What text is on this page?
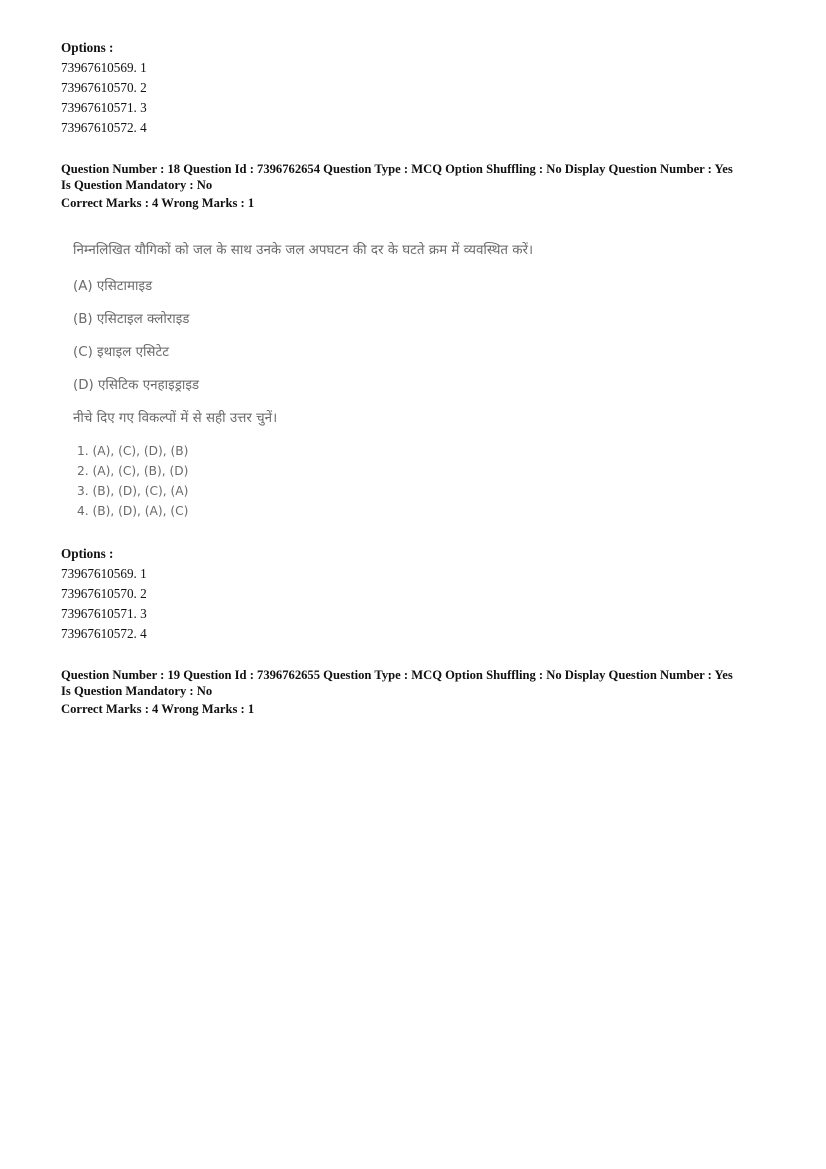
Options :
73967610569. 1
73967610570. 2
73967610571. 3
73967610572. 4
Question Number : 18 Question Id : 7396762654 Question Type : MCQ Option Shuffling : No Display Question Number : Yes
Is Question Mandatory : No
Correct Marks : 4 Wrong Marks : 1
निम्नलिखित यौगिकों को जल के साथ उनके जल अपघटन की दर के घटते क्रम में व्यवस्थित करें।
(A) एसिटामाइड
(B) एसिटाइल क्लोराइड
(C) इथाइल एसिटेट
(D) एसिटिक एनहाइड्राइड
नीचे दिए गए विकल्पों में से सही उत्तर चुनें।
1. (A), (C), (D), (B)
2. (A), (C), (B), (D)
3. (B), (D), (C), (A)
4. (B), (D), (A), (C)
Options :
73967610569. 1
73967610570. 2
73967610571. 3
73967610572. 4
Question Number : 19 Question Id : 7396762655 Question Type : MCQ Option Shuffling : No Display Question Number : Yes
Is Question Mandatory : No
Correct Marks : 4 Wrong Marks : 1
